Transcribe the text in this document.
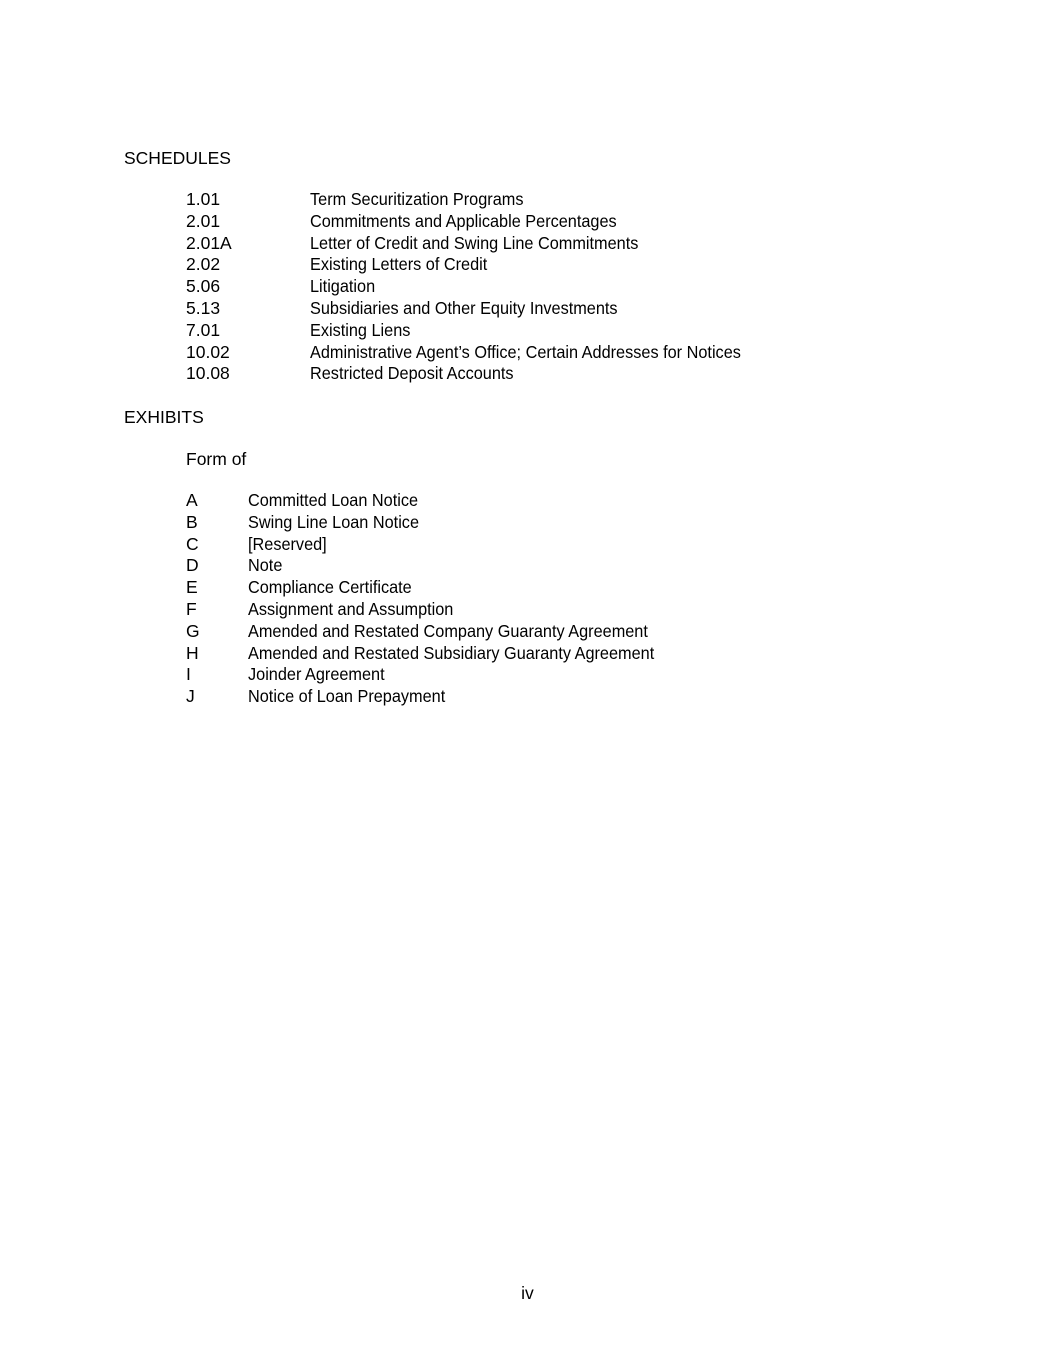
SCHEDULES
1.01	Term Securitization Programs
2.01	Commitments and Applicable Percentages
2.01A	Letter of Credit and Swing Line Commitments
2.02	Existing Letters of Credit
5.06	Litigation
5.13	Subsidiaries and Other Equity Investments
7.01	Existing Liens
10.02	Administrative Agent’s Office; Certain Addresses for Notices
10.08	Restricted Deposit Accounts
EXHIBITS
Form of
A	Committed Loan Notice
B	Swing Line Loan Notice
C	[Reserved]
D	Note
E	Compliance Certificate
F	Assignment and Assumption
G	Amended and Restated Company Guaranty Agreement
H	Amended and Restated Subsidiary Guaranty Agreement
I	Joinder Agreement
J	Notice of Loan Prepayment
iv
